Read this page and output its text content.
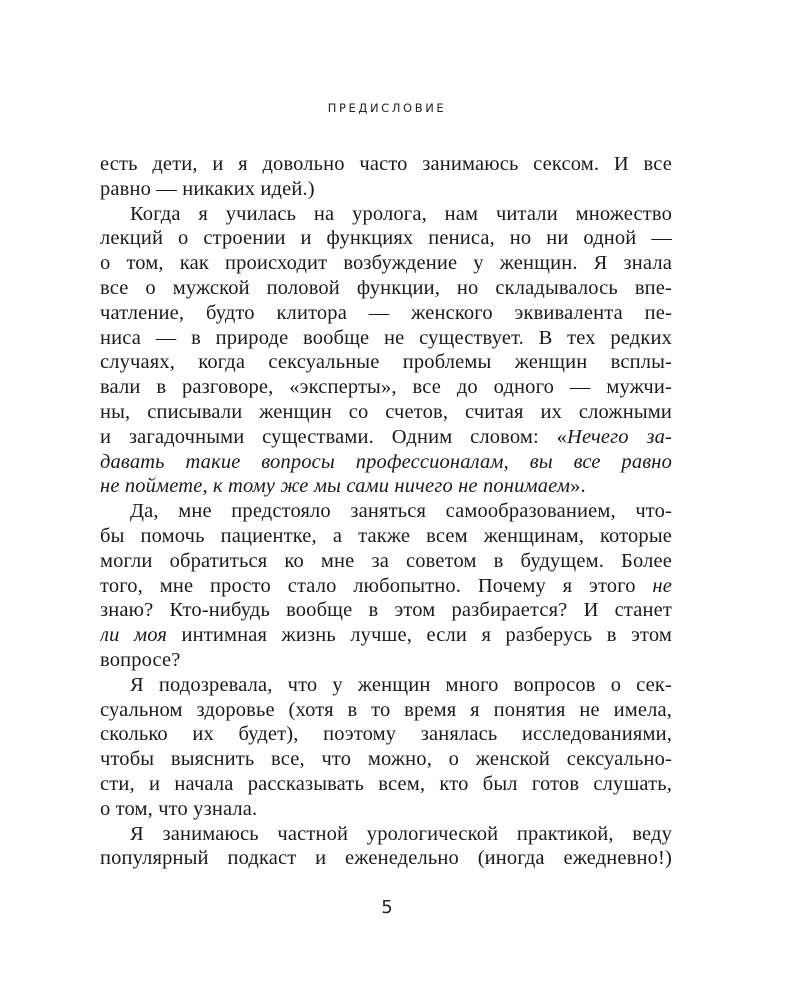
ПРЕДИСЛОВИЕ
есть дети, и я довольно часто занимаюсь сексом. И все
равно — никаких идей.)
Когда я училась на уролога, нам читали множество
лекций о строении и функциях пениса, но ни одной —
о том, как происходит возбуждение у женщин. Я знала
все о мужской половой функции, но складывалось впе-
чатление, будто клитора — женского эквивалента пе-
ниса — в природе вообще не существует. В тех редких
случаях, когда сексуальные проблемы женщин всплы-
вали в разговоре, «эксперты», все до одного — мужчи-
ны, списывали женщин со счетов, считая их сложными
и загадочными существами. Одним словом: «Нечего за-
давать такие вопросы профессионалам, вы все равно
не поймете, к тому же мы сами ничего не понимаем».
Да, мне предстояло заняться самообразованием, что-
бы помочь пациентке, а также всем женщинам, которые
могли обратиться ко мне за советом в будущем. Более
того, мне просто стало любопытно. Почему я этого не
знаю? Кто-нибудь вообще в этом разбирается? И станет
ли моя интимная жизнь лучше, если я разберусь в этом
вопросе?
Я подозревала, что у женщин много вопросов о сек-
суальном здоровье (хотя в то время я понятия не имела,
сколько их будет), поэтому занялась исследованиями,
чтобы выяснить все, что можно, о женской сексуально-
сти, и начала рассказывать всем, кто был готов слушать,
о том, что узнала.
Я занимаюсь частной урологической практикой, веду
популярный подкаст и еженедельно (иногда ежедневно!)
5
